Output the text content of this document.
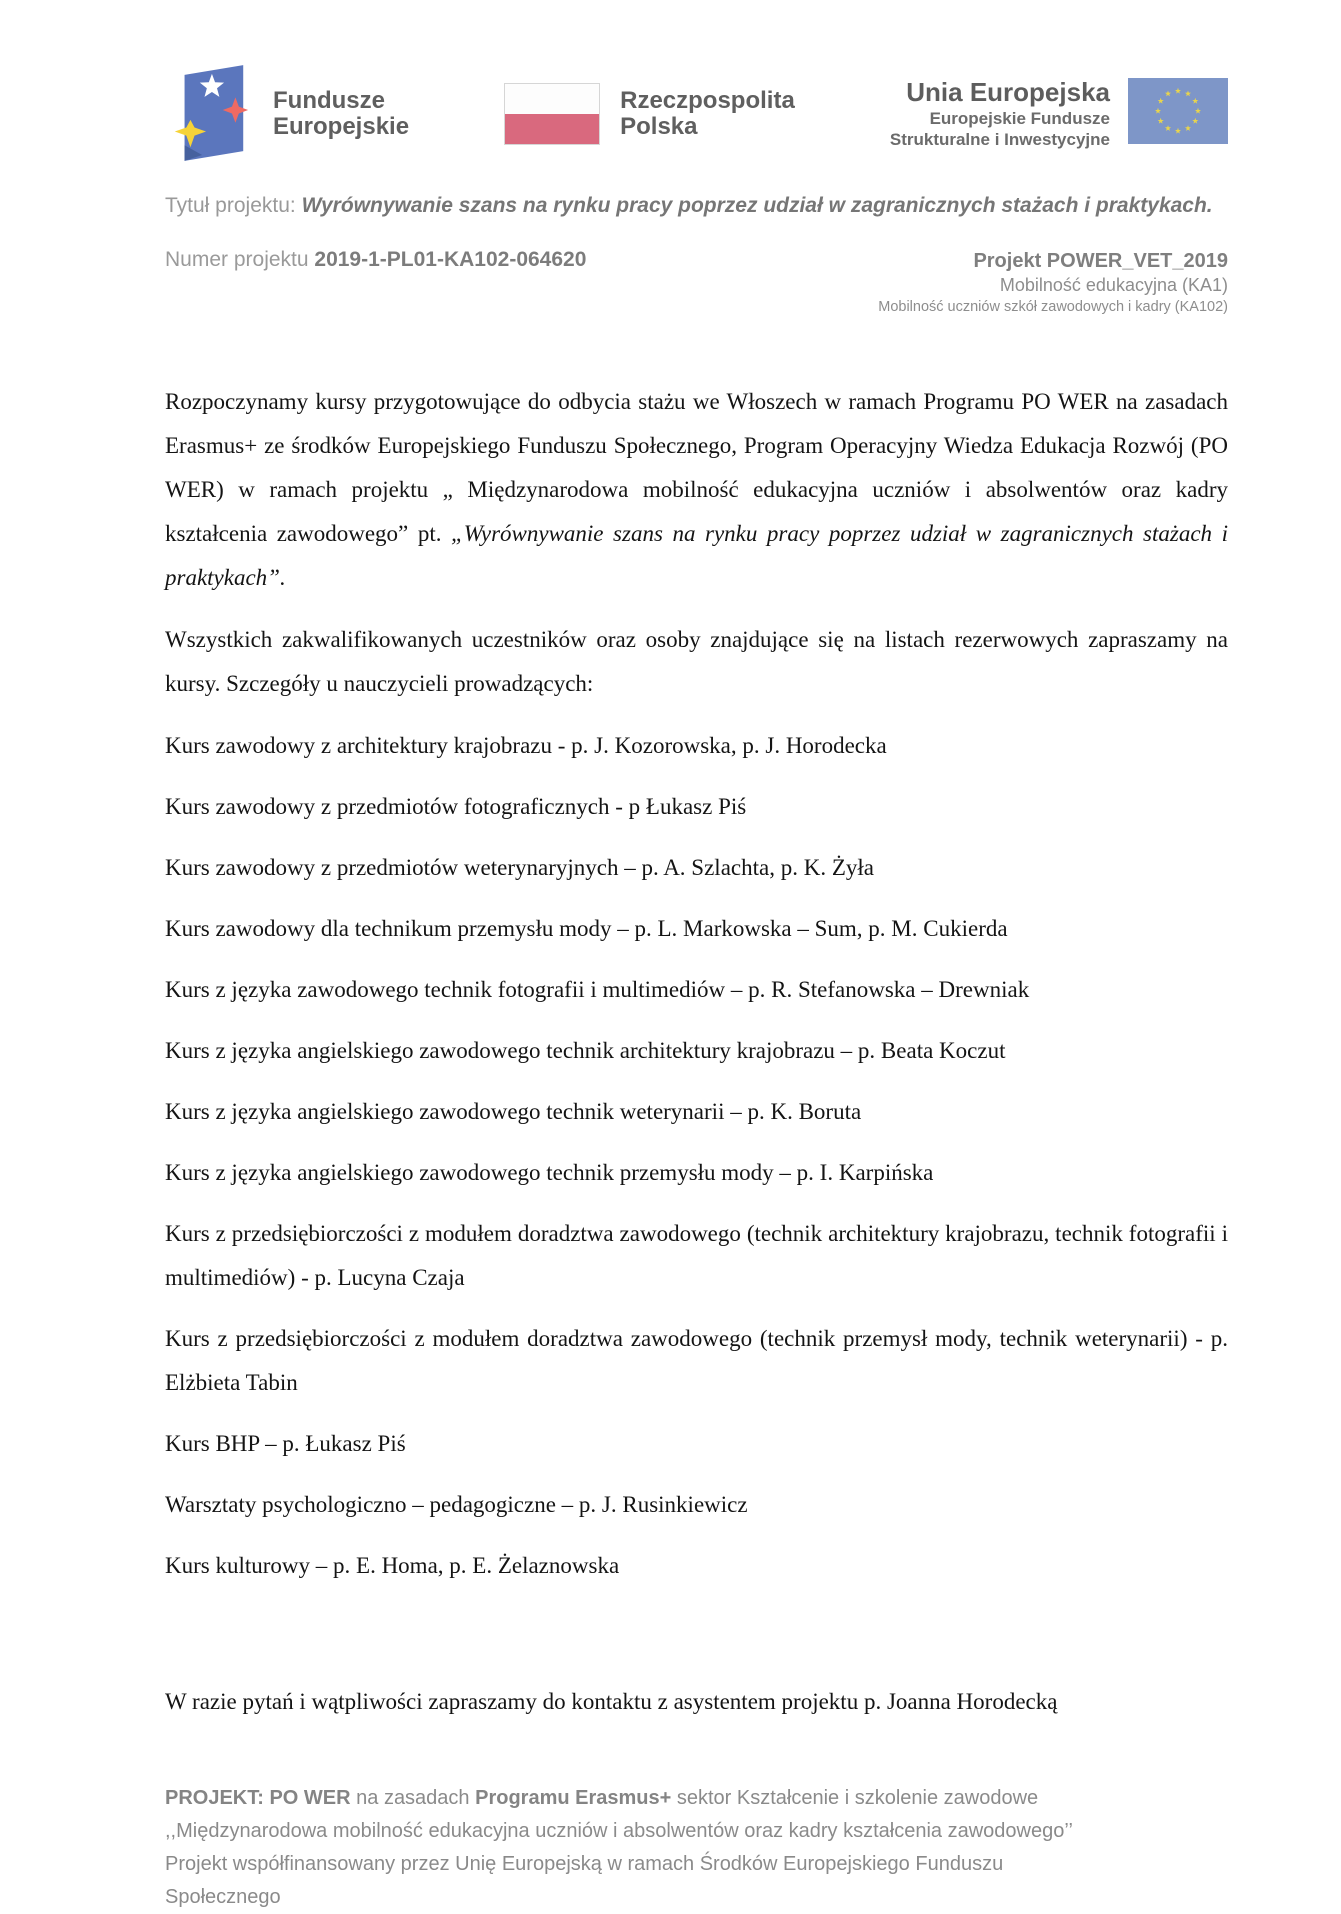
Fundusze
Europejskie
Rzeczpospolita
Polska
Unia Europejska
Europejskie Fundusze
Strukturalne i Inwestycyjne
Tytuł projektu: Wyrównywanie szans na rynku pracy poprzez udział w zagranicznych stażach i praktykach.
Numer projektu 2019-1-PL01-KA102-064620	Projekt POWER_VET_2019
Mobilność edukacyjna (KA1)
Mobilność uczniów szkół zawodowych i kadry (KA102)

Rozpoczynamy kursy przygotowujące do odbycia stażu we Włoszech w ramach Programu PO WER na zasadach Erasmus+ ze środków Europejskiego Funduszu Społecznego, Program Operacyjny Wiedza Edukacja Rozwój (PO WER) w ramach projektu „ Międzynarodowa mobilność edukacyjna uczniów i absolwentów oraz kadry kształcenia zawodowego” pt. „Wyrównywanie szans na rynku pracy poprzez udział w zagranicznych stażach i praktykach”.

Wszystkich zakwalifikowanych uczestników oraz osoby znajdujące się na listach rezerwowych zapraszamy na kursy. Szczegóły u nauczycieli prowadzących:

Kurs zawodowy z architektury krajobrazu - p. J. Kozorowska, p. J. Horodecka

Kurs zawodowy z przedmiotów fotograficznych - p Łukasz Piś

Kurs zawodowy z przedmiotów weterynaryjnych – p. A. Szlachta, p. K. Żyła

Kurs zawodowy dla technikum przemysłu mody – p. L. Markowska – Sum, p. M. Cukierda

Kurs z języka zawodowego technik fotografii i multimediów – p. R. Stefanowska – Drewniak

Kurs z języka angielskiego zawodowego technik architektury krajobrazu – p. Beata Koczut

Kurs z języka angielskiego zawodowego technik weterynarii – p. K. Boruta

Kurs z języka angielskiego zawodowego technik przemysłu mody – p. I. Karpińska

Kurs z przedsiębiorczości z modułem doradztwa zawodowego (technik architektury krajobrazu, technik fotografii i multimediów) - p. Lucyna Czaja

Kurs z przedsiębiorczości z modułem doradztwa zawodowego (technik przemysł mody, technik weterynarii) - p. Elżbieta Tabin

Kurs BHP – p. Łukasz Piś

Warsztaty psychologiczno – pedagogiczne – p. J. Rusinkiewicz

Kurs kulturowy – p. E. Homa, p. E. Żelaznowska

W razie pytań i wątpliwości zapraszamy do kontaktu z asystentem projektu p. Joanna Horodecką

PROJEKT: PO WER na zasadach Programu Erasmus+ sektor Kształcenie i szkolenie zawodowe
,,Międzynarodowa mobilność edukacyjna uczniów i absolwentów oraz kadry kształcenia zawodowego’’
Projekt współfinansowany przez Unię Europejską w ramach Środków Europejskiego Funduszu
Społecznego
